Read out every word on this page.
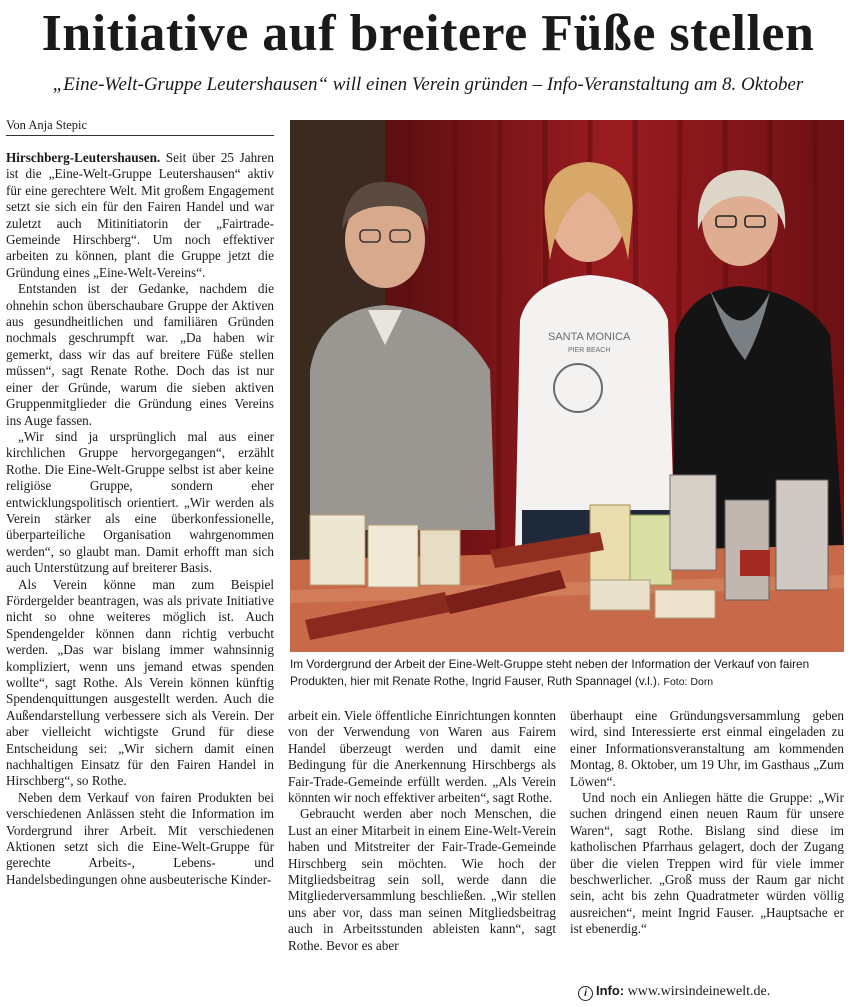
Initiative auf breitere Füße stellen
„Eine-Welt-Gruppe Leutershausen“ will einen Verein gründen – Info-Veranstaltung am 8. Oktober
Von Anja Stepic

Hirschberg-Leutershausen. Seit über 25 Jahren ist die „Eine-Welt-Gruppe Leutershausen“ aktiv für eine gerechtere Welt. Mit großem Engagement setzt sie sich ein für den Fairen Handel und war zuletzt auch Mitinitiatorin der „Fairtrade-Gemeinde Hirschberg“. Um noch effektiver arbeiten zu können, plant die Gruppe jetzt die Gründung eines „Eine-Welt-Vereins“.

Entstanden ist der Gedanke, nachdem die ohnehin schon überschaubare Gruppe der Aktiven aus gesundheitlichen und familiären Gründen nochmals geschrumpft war. „Da haben wir gemerkt, dass wir das auf breitere Füße stellen müssen“, sagt Renate Rothe. Doch das ist nur einer der Gründe, warum die sieben aktiven Gruppenmitglieder die Gründung eines Vereins ins Auge fassen.

„Wir sind ja ursprünglich mal aus einer kirchlichen Gruppe hervorgegangen“, erzählt Rothe. Die Eine-Welt-Gruppe selbst ist aber keine religiöse Gruppe, sondern eher entwicklungspolitisch orientiert. „Wir werden als Verein stärker als eine überkonfessionelle, überparteiliche Organisation wahrgenommen werden“, so glaubt man. Damit erhofft man sich auch Unterstützung auf breiterer Basis.

Als Verein könne man zum Beispiel Fördergelder beantragen, was als private Initiative nicht so ohne weiteres möglich ist. Auch Spendengelder können dann richtig verbucht werden. „Das war bislang immer wahnsinnig kompliziert, wenn uns jemand etwas spenden wollte“, sagt Rothe. Als Verein können künftig Spendenquittungen ausgestellt werden. Auch die Außendarstellung verbessere sich als Verein. Der aber vielleicht wichtigste Grund für diese Entscheidung sei: „Wir sichern damit einen nachhaltigen Einsatz für den Fairen Handel in Hirschberg“, so Rothe.

Neben dem Verkauf von fairen Produkten bei verschiedenen Anlässen steht die Information im Vordergrund ihrer Arbeit. Mit verschiedenen Aktionen setzt sich die Eine-Welt-Gruppe für gerechte Arbeits-, Lebens- und Handelsbedingungen ohne ausbeuterische Kinder-

SANTA MONICA
PIER BEACH
Im Vordergrund der Arbeit der Eine-Welt-Gruppe steht neben der Information der Verkauf von fairen Produkten, hier mit Renate Rothe, Ingrid Fauser, Ruth Spannagel (v.l.). Foto: Dorn

arbeit ein. Viele öffentliche Einrichtungen konnten von der Verwendung von Waren aus Fairem Handel überzeugt werden und damit eine Bedingung für die Anerkennung Hirschbergs als Fair-Trade-Gemeinde erfüllt werden. „Als Verein könnten wir noch effektiver arbeiten“, sagt Rothe.

Gebraucht werden aber noch Menschen, die Lust an einer Mitarbeit in einem Eine-Welt-Verein haben und Mitstreiter der Fair-Trade-Gemeinde Hirschberg sein möchten. Wie hoch der Mitgliedsbeitrag sein soll, werde dann die Mitgliederversammlung beschließen. „Wir stellen uns aber vor, dass man seinen Mitgliedsbeitrag auch in Arbeitsstunden ableisten kann“, sagt Rothe. Bevor es aber

überhaupt eine Gründungsversammlung geben wird, sind Interessierte erst einmal eingeladen zu einer Informationsveranstaltung am kommenden Montag, 8. Oktober, um 19 Uhr, im Gasthaus „Zum Löwen“.

Und noch ein Anliegen hätte die Gruppe: „Wir suchen dringend einen neuen Raum für unsere Waren“, sagt Rothe. Bislang sind diese im katholischen Pfarrhaus gelagert, doch der Zugang über die vielen Treppen wird für viele immer beschwerlicher. „Groß muss der Raum gar nicht sein, acht bis zehn Quadratmeter würden völlig ausreichen“, meint Ingrid Fauser. „Hauptsache er ist ebenerdig.“

i Info: www.wirsindeinewelt.de.
